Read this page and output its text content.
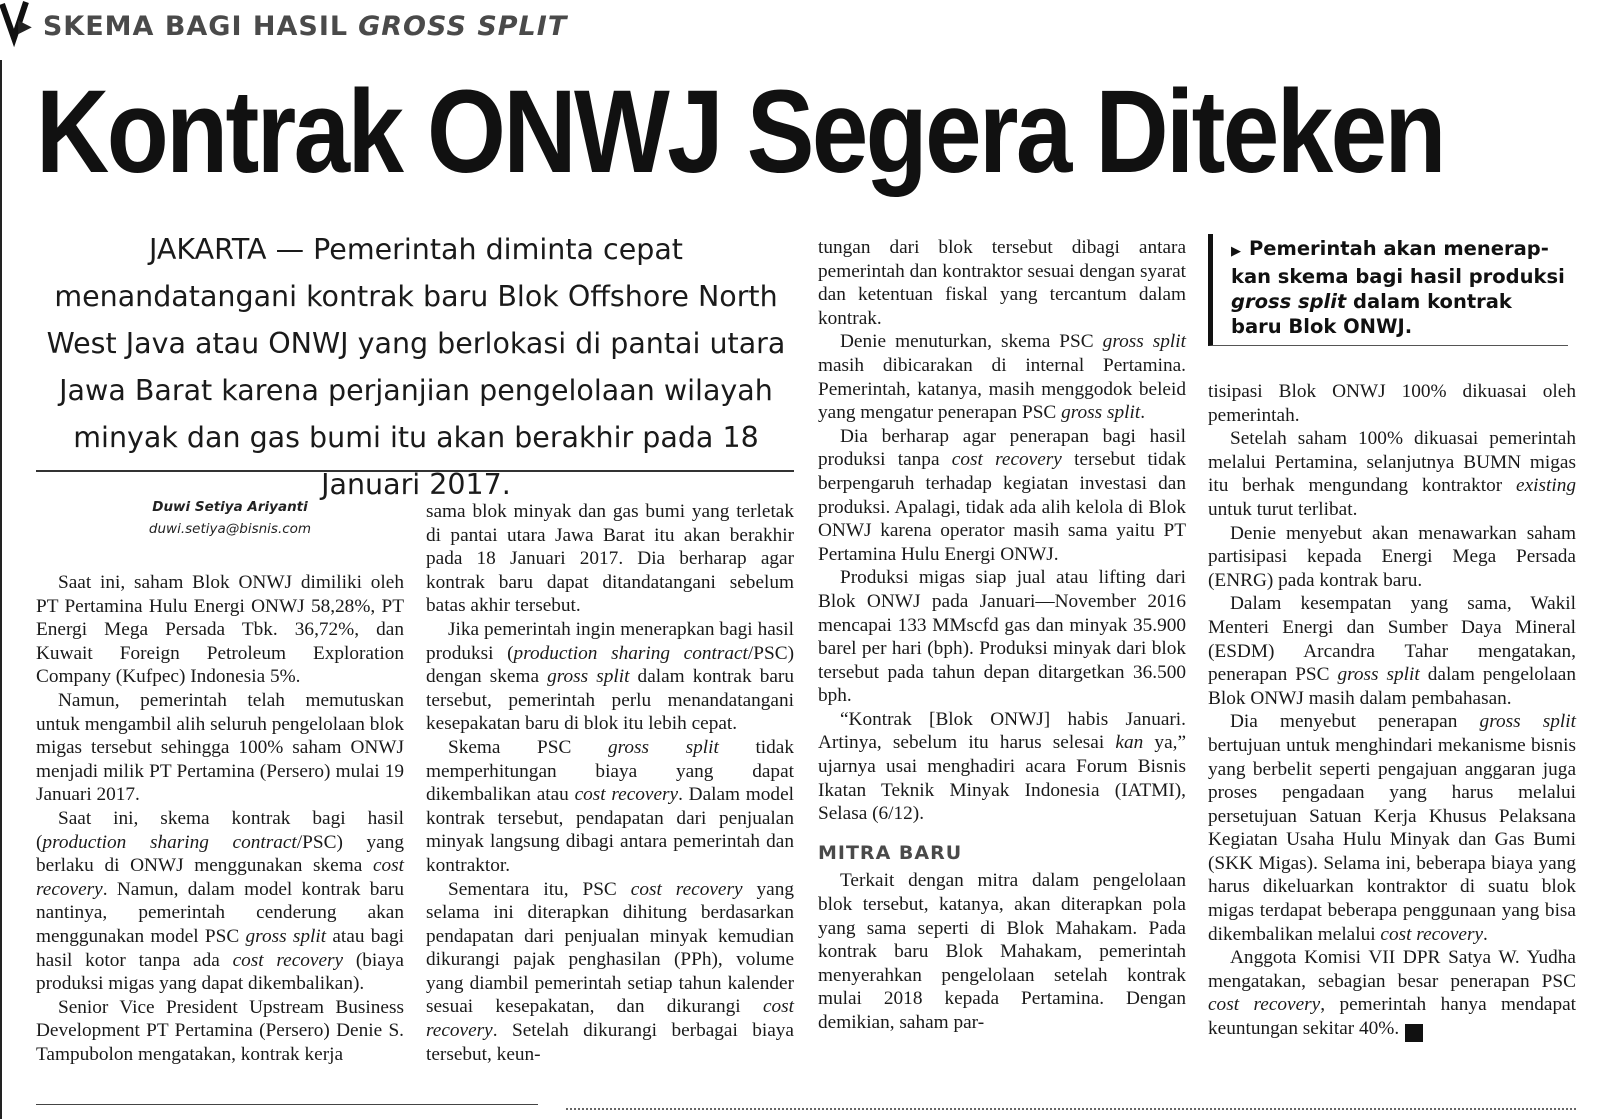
▶ SKEMA BAGI HASIL GROSS SPLIT
Kontrak ONWJ Segera Diteken
JAKARTA — Pemerintah diminta cepat menandatangani kontrak baru Blok Offshore North West Java atau ONWJ yang berlokasi di pantai utara Jawa Barat karena perjanjian pengelolaan wilayah minyak dan gas bumi itu akan berakhir pada 18 Januari 2017.
Duwi Setiya Ariyanti
duwi.setiya@bisnis.com

Saat ini, saham Blok ONWJ dimiliki oleh PT Pertamina Hulu Energi ONWJ 58,28%, PT Energi Mega Persada Tbk. 36,72%, dan Kuwait Foreign Petroleum Exploration Company (Kufpec) Indonesia 5%.

Namun, pemerintah telah memutuskan untuk mengambil alih seluruh pengelolaan blok migas tersebut sehingga 100% saham ONWJ menjadi milik PT Pertamina (Persero) mulai 19 Januari 2017.

Saat ini, skema kontrak bagi hasil (production sharing contract/PSC) yang berlaku di ONWJ menggunakan skema cost recovery. Namun, dalam model kontrak baru nantinya, pemerintah cenderung akan menggunakan model PSC gross split atau bagi hasil kotor tanpa ada cost recovery (biaya produksi migas yang dapat dikembalikan).

Senior Vice President Upstream Business Development PT Pertamina (Persero) Denie S. Tampubolon mengatakan, kontrak kerja

sama blok minyak dan gas bumi yang terletak di pantai utara Jawa Barat itu akan berakhir pada 18 Januari 2017. Dia berharap agar kontrak baru dapat ditandatangani sebelum batas akhir tersebut.

Jika pemerintah ingin menerapkan bagi hasil produksi (production sharing contract/PSC) dengan skema gross split dalam kontrak baru tersebut, pemerintah perlu menandatangani kesepakatan baru di blok itu lebih cepat.

Skema PSC gross split tidak memperhitungan biaya yang dapat dikembalikan atau cost recovery. Dalam model kontrak tersebut, pendapatan dari penjualan minyak langsung dibagi antara pemerintah dan kontraktor.

Sementara itu, PSC cost recovery yang selama ini diterapkan dihitung berdasarkan pendapatan dari penjualan minyak kemudian dikurangi pajak penghasilan (PPh), volume yang diambil pemerintah setiap tahun kalender sesuai kesepakatan, dan dikurangi cost recovery. Setelah dikurangi berbagai biaya tersebut, keun-

tungan dari blok tersebut dibagi antara pemerintah dan kontraktor sesuai dengan syarat dan ketentuan fiskal yang tercantum dalam kontrak.

Denie menuturkan, skema PSC gross split masih dibicarakan di internal Pertamina. Pemerintah, katanya, masih menggodok beleid yang mengatur penerapan PSC gross split.

Dia berharap agar penerapan bagi hasil produksi tanpa cost recovery tersebut tidak berpengaruh terhadap kegiatan investasi dan produksi. Apalagi, tidak ada alih kelola di Blok ONWJ karena operator masih sama yaitu PT Pertamina Hulu Energi ONWJ.

Produksi migas siap jual atau lifting dari Blok ONWJ pada Januari—November 2016 mencapai 133 MMscfd gas dan minyak 35.900 barel per hari (bph). Produksi minyak dari blok tersebut pada tahun depan ditargetkan 36.500 bph.

“Kontrak [Blok ONWJ] habis Januari. Artinya, sebelum itu harus selesai kan ya,” ujarnya usai menghadiri acara Forum Bisnis Ikatan Teknik Minyak Indonesia (IATMI), Selasa (6/12).

MITRA BARU

Terkait dengan mitra dalam pengelolaan blok tersebut, katanya, akan diterapkan pola yang sama seperti di Blok Mahakam. Pada kontrak baru Blok Mahakam, pemerintah menyerahkan pengelolaan setelah kontrak mulai 2018 kepada Pertamina. Dengan demikian, saham par-

▶ Pemerintah akan menerap-kan skema bagi hasil produksi gross split dalam kontrak baru Blok ONWJ.

tisipasi Blok ONWJ 100% dikuasai oleh pemerintah.

Setelah saham 100% dikuasai pemerintah melalui Pertamina, selanjutnya BUMN migas itu berhak mengundang kontraktor existing untuk turut terlibat.

Denie menyebut akan menawarkan saham partisipasi kepada Energi Mega Persada (ENRG) pada kontrak baru.

Dalam kesempatan yang sama, Wakil Menteri Energi dan Sumber Daya Mineral (ESDM) Arcandra Tahar mengatakan, penerapan PSC gross split dalam pengelolaan Blok ONWJ masih dalam pembahasan.

Dia menyebut penerapan gross split bertujuan untuk menghindari mekanisme bisnis yang berbelit seperti pengajuan anggaran juga proses pengadaan yang harus melalui persetujuan Satuan Kerja Khusus Pelaksana Kegiatan Usaha Hulu Minyak dan Gas Bumi (SKK Migas). Selama ini, beberapa biaya yang harus dikeluarkan kontraktor di suatu blok migas terdapat beberapa penggunaan yang bisa dikembalikan melalui cost recovery.

Anggota Komisi VII DPR Satya W. Yudha mengatakan, sebagian besar penerapan PSC cost recovery, pemerintah hanya mendapat keuntungan sekitar 40%. B
